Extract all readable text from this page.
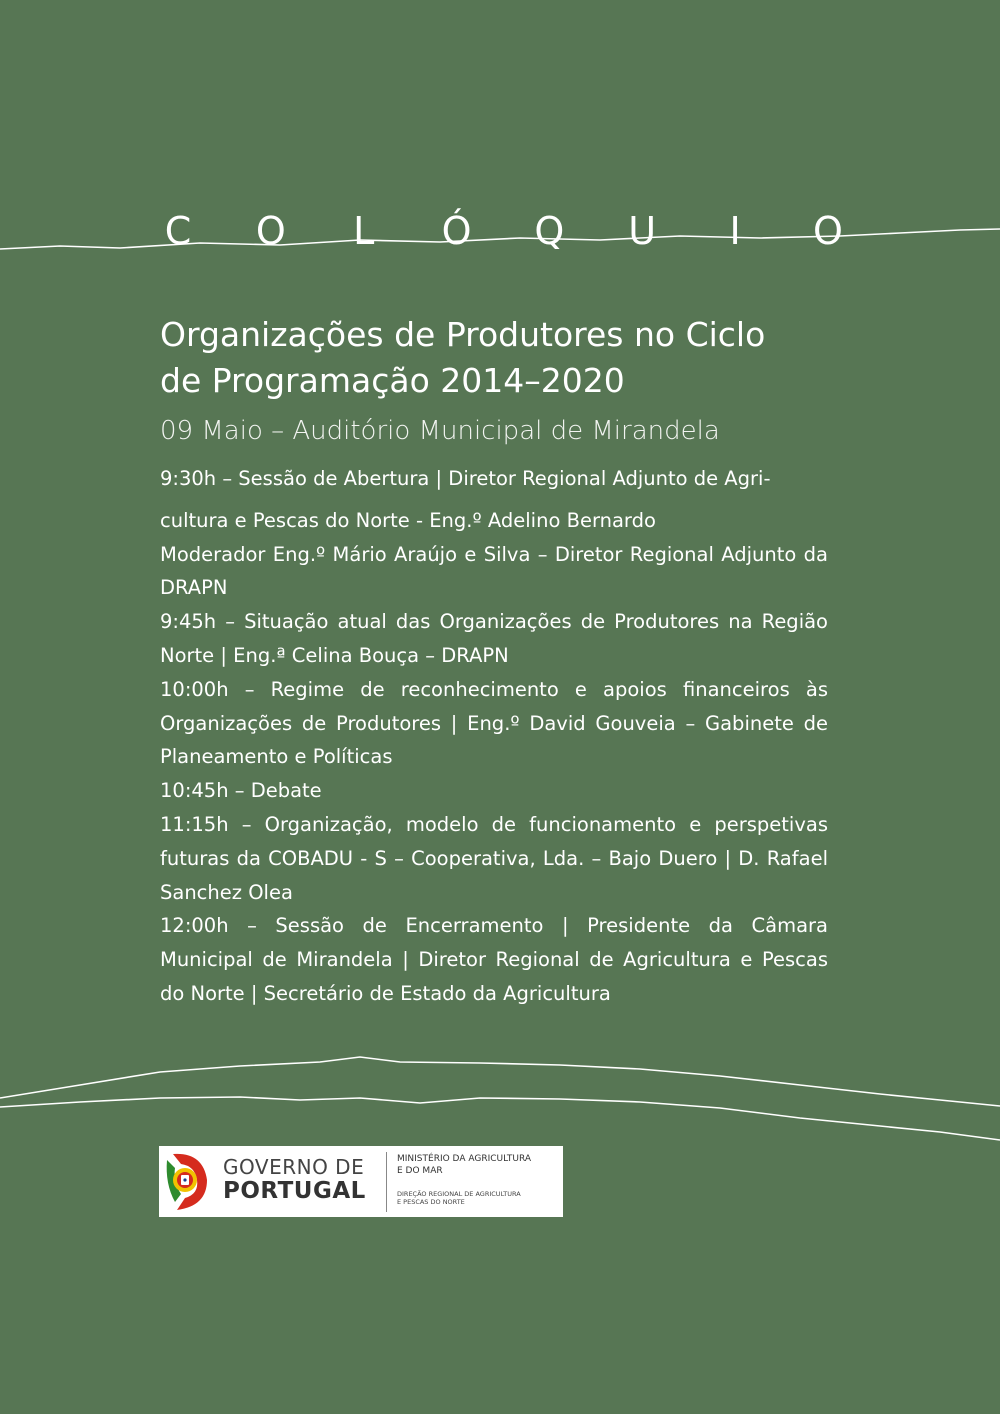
C O L Ó Q U	I	O
Organizações de Produtores no Ciclo
de Programação 2014–2020
09 Maio – Auditório Municipal de Mirandela

9:30h – Sessão de Abertura | Diretor Regional Adjunto de Agri-

cultura e Pescas do Norte - Eng.º Adelino Bernardo

Moderador Eng.º Mário Araújo e Silva – Diretor Regional Adjunto da DRAPN

9:45h – Situação atual das Organizações de Produtores na Região Norte | Eng.ª Celina Bouça – DRAPN

10:00h – Regime de reconhecimento e apoios financeiros às Organizações de Produtores | Eng.º David Gouveia – Gabinete de Planeamento e Políticas

10:45h – Debate

11:15h – Organização, modelo de funcionamento e perspetivas futuras da COBADU - S – Cooperativa, Lda. – Bajo Duero | D. Rafael Sanchez Olea

12:00h – Sessão de Encerramento | Presidente da Câmara Municipal de Mirandela | Diretor Regional de Agricultura e Pescas do Norte | Secretário de Estado da Agricultura

GOVERNO DE
PORTUGAL
MINISTÉRIO DA AGRICULTURA
E DO MAR
DIREÇÃO REGIONAL DE AGRICULTURA
E PESCAS DO NORTE
